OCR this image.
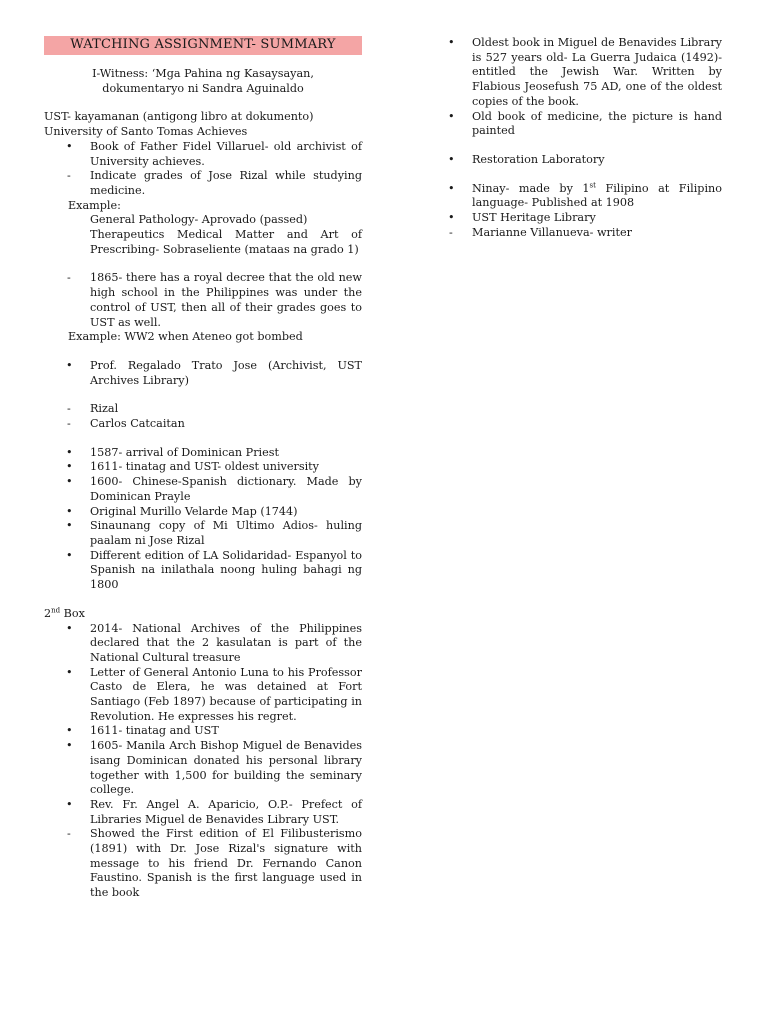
WATCHING ASSIGNMENT- SUMMARY
I-Witness: ‘Mga Pahina ng Kasaysayan,
dokumentaryo ni Sandra Aguinaldo
UST- kayamanan (antigong libro at dokumento)
University of Santo Tomas Achieves
•	Book of Father Fidel Villaruel- old archivist of University achieves.
-	Indicate grades of Jose Rizal while studying medicine.
Example:
General Pathology- Aprovado (passed)
Therapeutics Medical Matter and Art of Prescribing- Sobraseliente (mataas na grado 1)
-	1865- there has a royal decree that the old new high school in the Philippines was under the control of UST, then all of their grades goes to UST as well.
Example: WW2 when Ateneo got bombed
•	Prof. Regalado Trato Jose (Archivist, UST Archives Library)
-	Rizal
-	Carlos Catcaitan
•	1587- arrival of Dominican Priest
•	1611- tinatag and UST- oldest university
•	1600- Chinese-Spanish dictionary. Made by Dominican Prayle
•	Original Murillo Velarde Map (1744)
•	Sinaunang copy of Mi Ultimo Adios- huling paalam ni Jose Rizal
•	Different edition of LA Solidaridad- Espanyol to Spanish na inilathala noong huling bahagi ng 1800
2nd Box
•	2014- National Archives of the Philippines declared that the 2 kasulatan is part of the National Cultural treasure
•	Letter of General Antonio Luna to his Professor Casto de Elera, he was detained at Fort Santiago (Feb 1897) because of participating in Revolution. He expresses his regret.
•	1611- tinatag and UST
•	1605- Manila Arch Bishop Miguel de Benavides isang Dominican donated his personal library together with 1,500 for building the seminary college.
•	Rev. Fr. Angel A. Aparicio, O.P.- Prefect of Libraries Miguel de Benavides Library UST.
-	Showed the First edition of El Filibusterismo (1891) with Dr. Jose Rizal's signature with message to his friend Dr. Fernando Canon Faustino. Spanish is the first language used in the book
•	Oldest book in Miguel de Benavides Library is 527 years old- La Guerra Judaica (1492)- entitled the Jewish War. Written by Flabious Jeosefush 75 AD, one of the oldest copies of the book.
•	Old book of medicine, the picture is hand painted
•	Restoration Laboratory
•	Ninay- made by 1st Filipino at Filipino language- Published at 1908
•	UST Heritage Library
-	Marianne Villanueva- writer
